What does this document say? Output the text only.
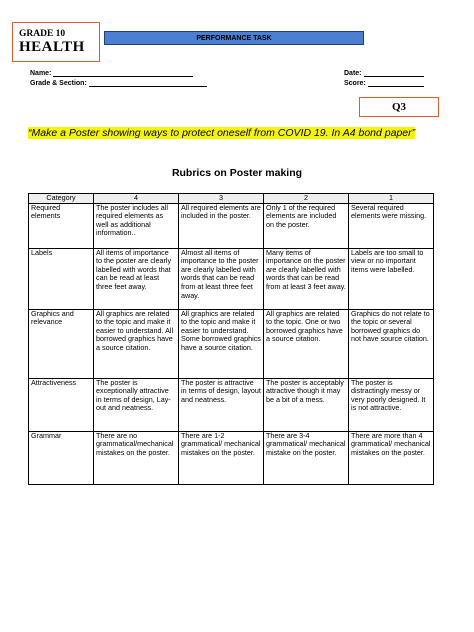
GRADE 10
HEALTH
PERFORMANCE TASK
Name:
Grade & Section:
Date:
Score:
Q3
“Make a Poster showing ways to protect oneself from COVID 19. In A4 bond paper”
Rubrics on Poster making
Category	4	3	2	1
Required elements	The poster includes all required elements as well as additional information..	All required elements are included in the poster.	Only 1 of the required elements are included on the poster.	Several required elements were missing.
Labels	All items of importance to the poster are clearly labelled with words that can be read at least three feet away.	Almost all items of importance to the poster are clearly labelled with words that can be read from at least three feet away.	Many items of importance on the poster are clearly labelled with words that can be read from at least 3 feet away.	Labels are too small to view or no important items were labelled.
Graphics and relevance	All graphics are related to the topic and make it easier to understand. All borrowed graphics have a source citation.	All graphics are related to the topic and make it easier to understand. Some borrowed graphics have a source citation.	All graphics are related to the topic. One or two borrowed graphics have a source citation.	Graphics do not relate to the topic or several borrowed graphics do not have source citation.
Attractiveness	The poster is exceptionally attractive in terms of design, Lay-out and neatness.	The poster is attractive in terms of design, layout and neatness.	The poster is acceptably attractive though it may be a bit of a mess.	The poster is distractingly messy or very poorly designed. It is not attractive.
Grammar	There are no grammatical/mechanical mistakes on the poster.	There are 1-2 grammatical/ mechanical mistakes on the poster.	There are 3-4 grammatical/ mechanical mistake on the poster.	There are more than 4 grammatical/ mechanical mistakes on the poster.
